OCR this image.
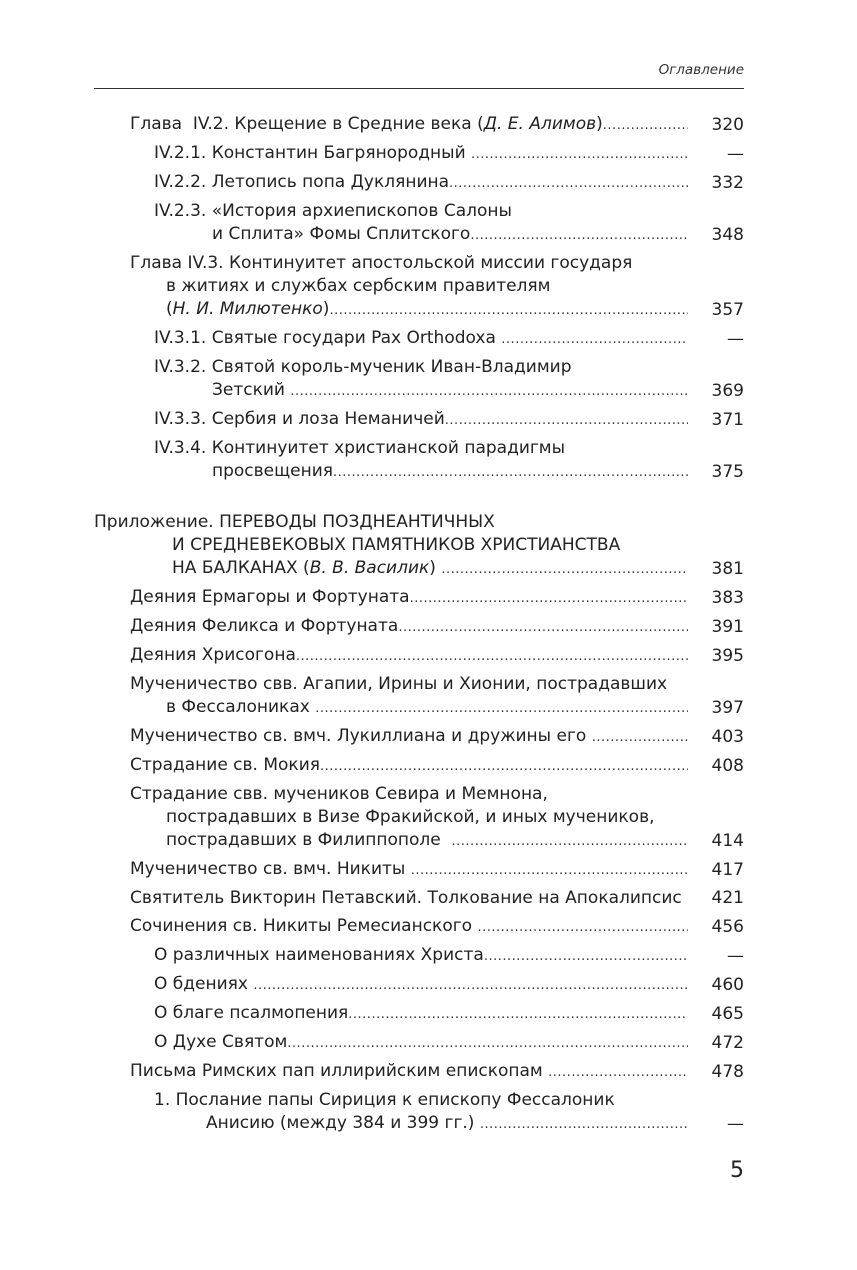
Оглавление
Глава  IV.2. Крещение в Средние века (Д. Е. Алимов) .....	320
IV.2.1. Константин Багрянородный .....	—
IV.2.2. Летопись попа Дуклянина .....	332
IV.2.3. «История архиепископов Салоны
и Сплита» Фомы Сплитского .....	348
Глава IV.3. Континуитет апостольской миссии государя
в житиях и службах сербским правителям
(Н. И. Милютенко) .....	357
IV.3.1. Святые государи Pax Orthodoxa .....	—
IV.3.2. Святой король-мученик Иван-Владимир
Зетский .....	369
IV.3.3. Сербия и лоза Неманичей .....	371
IV.3.4. Континуитет христианской парадигмы
просвещения .....	375
Приложение. ПЕРЕВОДЫ ПОЗДНЕАНТИЧНЫХ
И СРЕДНЕВЕКОВЫХ ПАМЯТНИКОВ ХРИСТИАНСТВА
НА БАЛКАНАХ (В. В. Василик) .....	381
Деяния Ермагоры и Фортуната .....	383
Деяния Феликса и Фортуната .....	391
Деяния Хрисогона .....	395
Мученичество свв. Агапии, Ирины и Хионии, пострадавших
в Фессалониках .....	397
Мученичество св. вмч. Лукиллиана и дружины его .....	403
Страдание св. Мокия .....	408
Страдание свв. мучеников Севира и Мемнона,
пострадавших в Визе Фракийской, и иных мучеников,
пострадавших в Филиппополе .....	414
Мученичество св. вмч. Никиты .....	417
Святитель Викторин Петавский. Толкование на Апокалипсис	421
Сочинения св. Никиты Ремесианского .....	456
О различных наименованиях Христа .....	—
О бдениях .....	460
О благе псалмопения .....	465
О Духе Святом .....	472
Письма Римских пап иллирийским епископам .....	478
1. Послание папы Сириция к епископу Фессалоник
Анисию (между 384 и 399 гг.) .....	—
5
